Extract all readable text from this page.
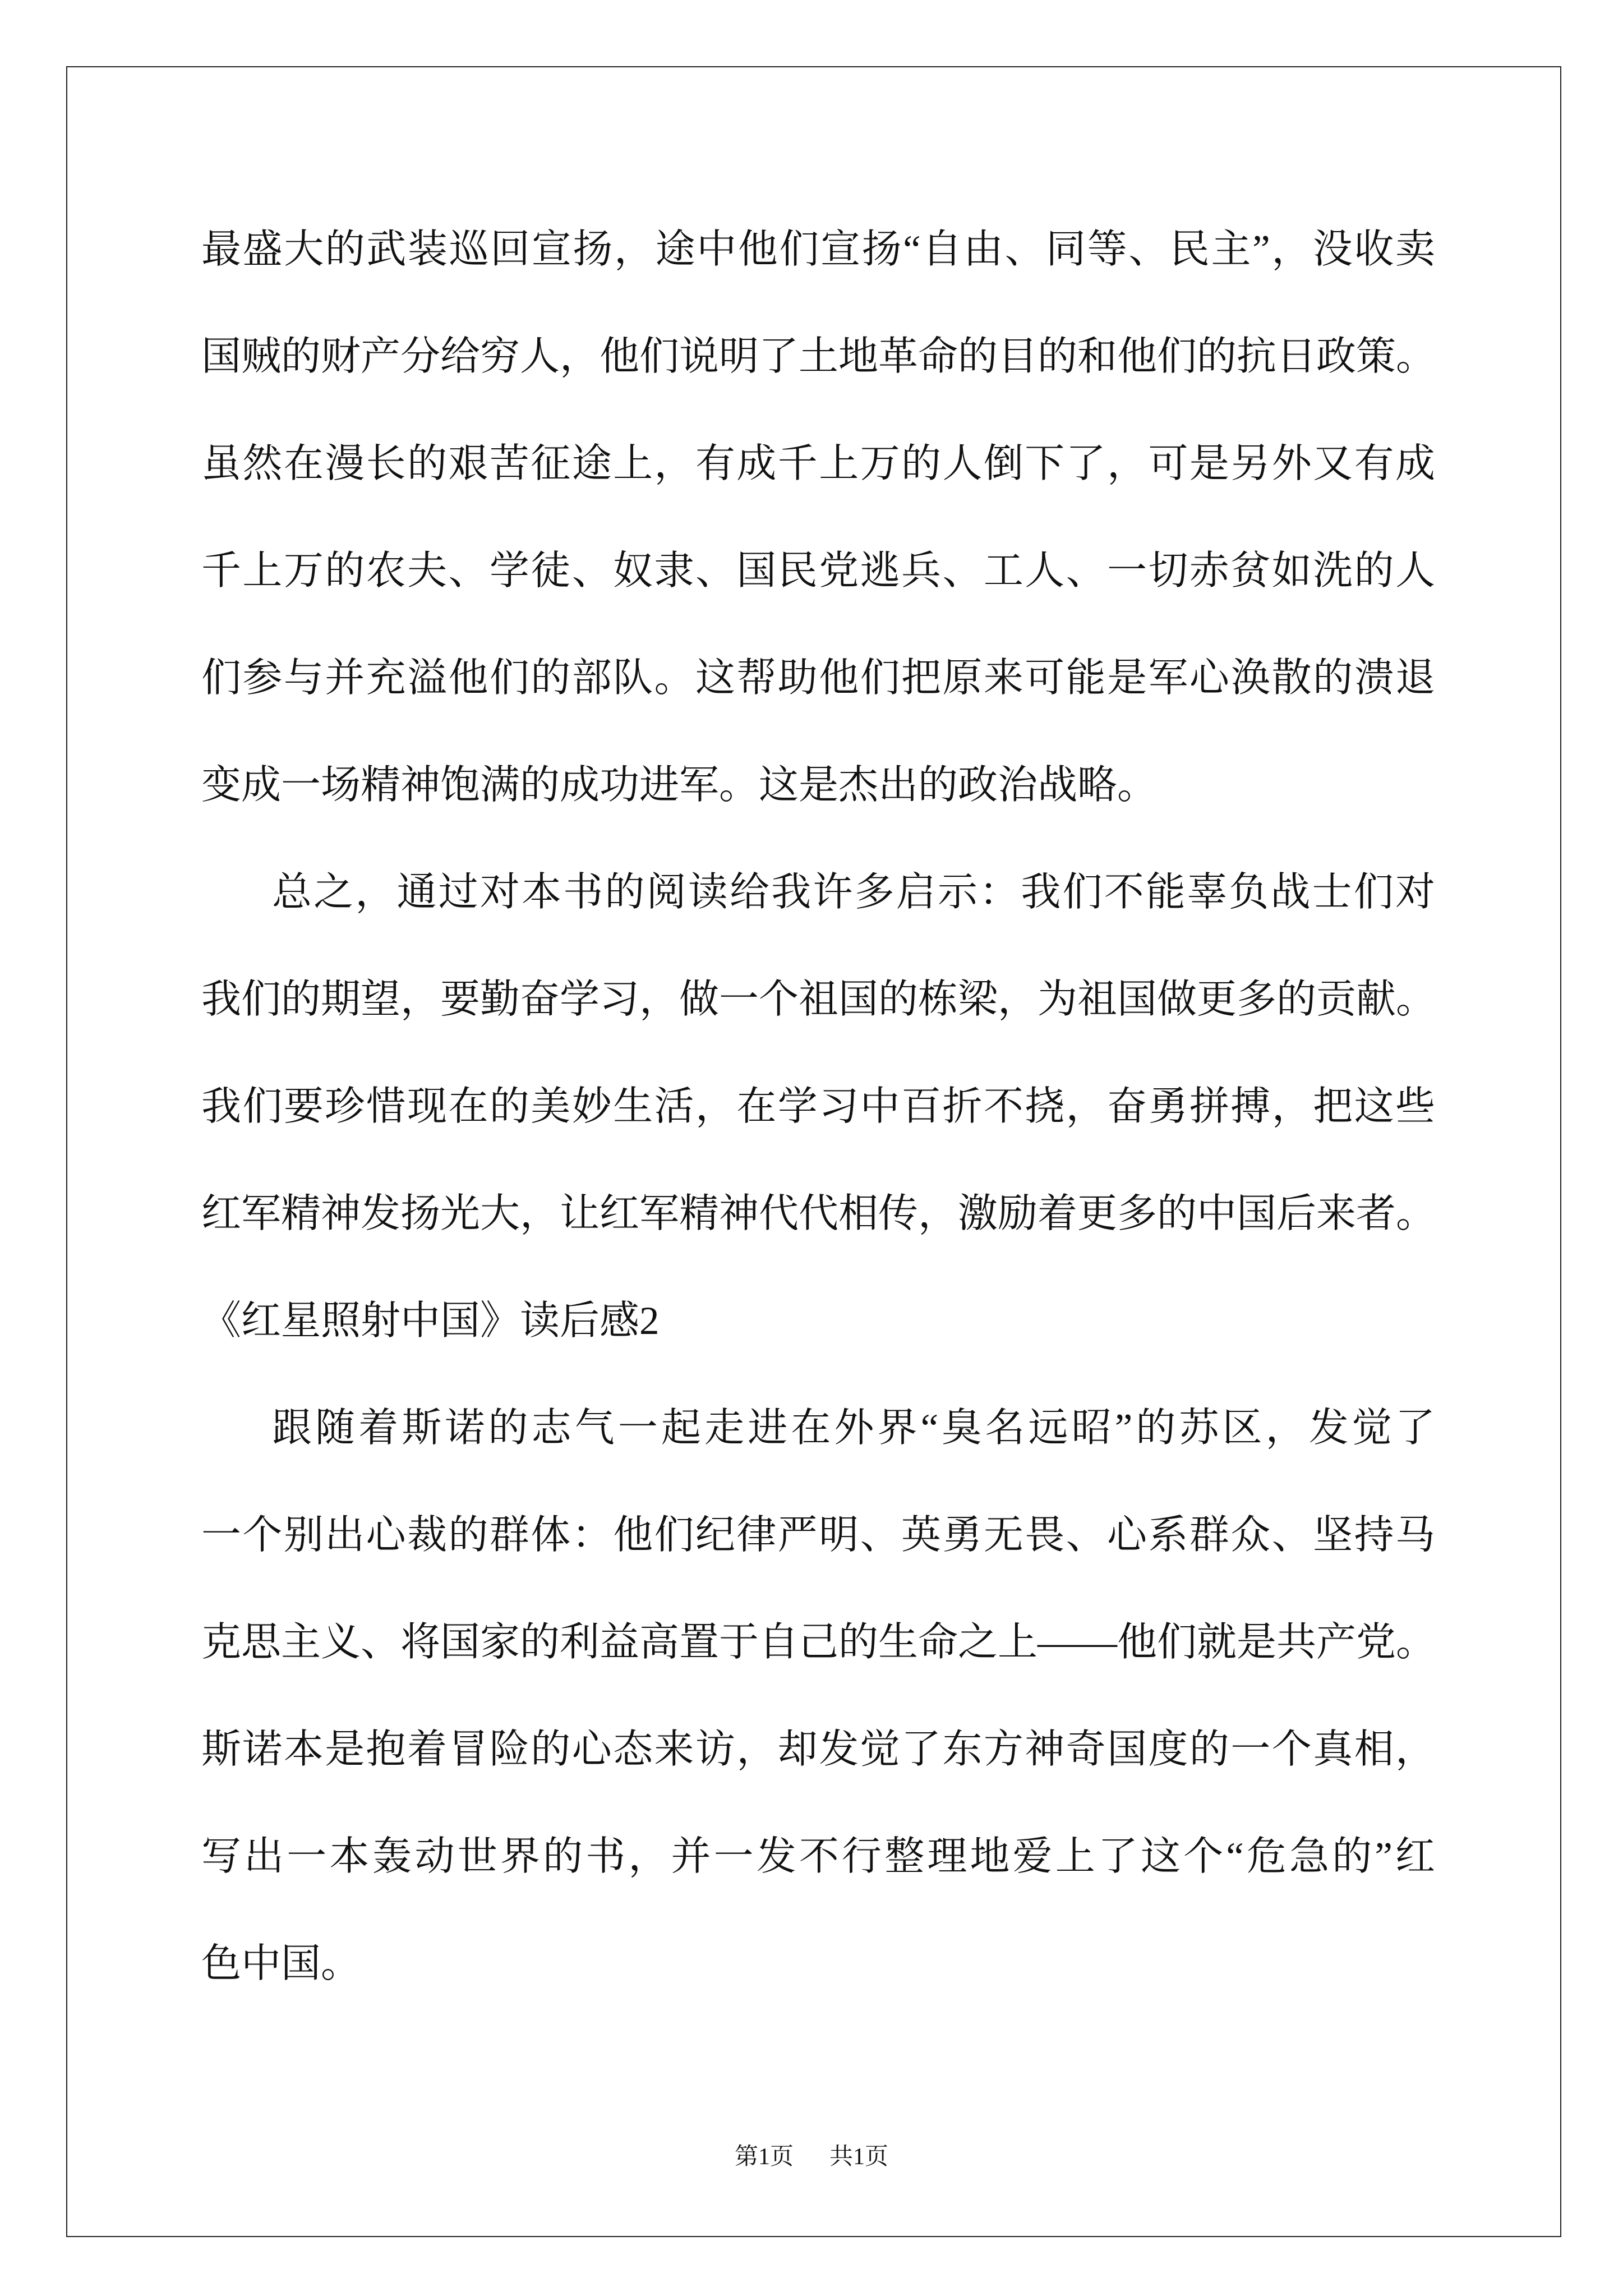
最盛大的武装巡回宣扬，途中他们宣扬“自由、同等、民主”，没收卖
国贼的财产分给穷人，他们说明了土地革命的目的和他们的抗日政策。
虽然在漫长的艰苦征途上，有成千上万的人倒下了，可是另外又有成
千上万的农夫、学徒、奴隶、国民党逃兵、工人、一切赤贫如洗的人
们参与并充溢他们的部队。这帮助他们把原来可能是军心涣散的溃退
变成一场精神饱满的成功进军。这是杰出的政治战略。
总之，通过对本书的阅读给我许多启示：我们不能辜负战士们对
我们的期望，要勤奋学习，做一个祖国的栋梁，为祖国做更多的贡献。
我们要珍惜现在的美妙生活，在学习中百折不挠，奋勇拼搏，把这些
红军精神发扬光大，让红军精神代代相传，激励着更多的中国后来者。
《红星照射中国》读后感2
跟随着斯诺的志气一起走进在外界“臭名远昭”的苏区，发觉了
一个别出心裁的群体：他们纪律严明、英勇无畏、心系群众、坚持马
克思主义、将国家的利益高置于自己的生命之上——他们就是共产党。
斯诺本是抱着冒险的心态来访，却发觉了东方神奇国度的一个真相，
写出一本轰动世界的书，并一发不行整理地爱上了这个“危急的”红
色中国。
第1页 共1页
